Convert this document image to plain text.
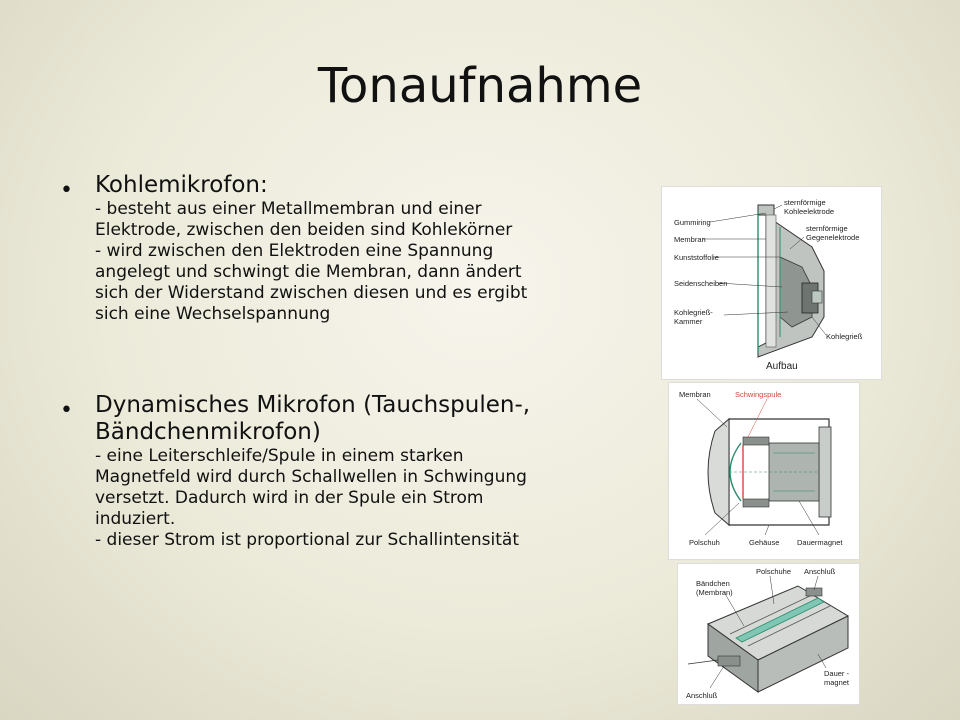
Tonaufnahme
• Kohlemikrofon:
- besteht aus einer Metallmembran und einer
Elektrode, zwischen den beiden sind Kohlekörner
- wird zwischen den Elektroden eine Spannung
angelegt und schwingt die Membran, dann ändert
sich der Widerstand zwischen diesen und es ergibt
sich eine Wechselspannung
• Dynamisches Mikrofon (Tauchspulen-,
Bändchenmikrofon)
- eine Leiterschleife/Spule in einem starken
Magnetfeld wird durch Schallwellen in Schwingung
versetzt. Dadurch wird in der Spule ein Strom
induziert.
- dieser Strom ist proportional zur Schallintensität
Gummiring
Membran
Kunststoffolie
Seidenscheiben
Kohlegrieß-
Kammer
sternförmige
Kohleelektrode
sternförmige
Gegenelektrode
Kohlegrieß
Aufbau
Membran	Schwingspule
Polschuh	Gehäuse Dauermagnet
Polschuhe Anschluß
Bändchen
(Membran)
Dauer -
magnet
Anschluß
